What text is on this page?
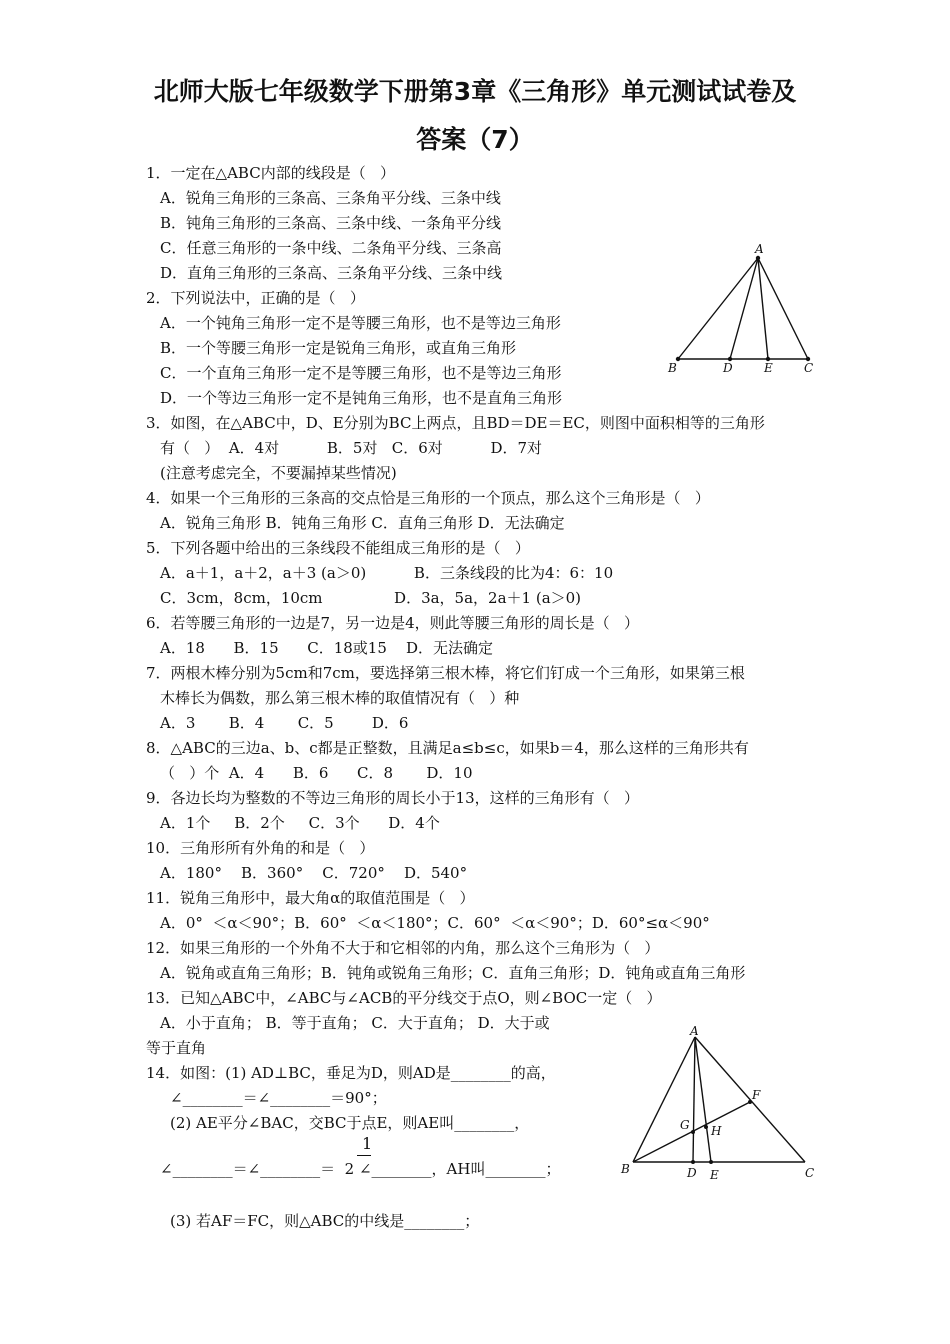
北师大版七年级数学下册第3章《三角形》单元测试试卷及
答案（7）
1．一定在△ABC内部的线段是（   ）
A．锐角三角形的三条高、三条角平分线、三条中线
B．钝角三角形的三条高、三条中线、一条角平分线
C．任意三角形的一条中线、二条角平分线、三条高
D．直角三角形的三条高、三条角平分线、三条中线
2．下列说法中，正确的是（   ）
A．一个钝角三角形一定不是等腰三角形，也不是等边三角形
B．一个等腰三角形一定是锐角三角形，或直角三角形
C．一个直角三角形一定不是等腰三角形，也不是等边三角形
D．一个等边三角形一定不是钝角三角形，也不是直角三角形
3．如图，在△ABC中，D、E分别为BC上两点，且BD＝DE＝EC，则图中面积相等的三角形
有（   ）  A．4对          B．5对   C．6对          D．7对
(注意考虑完全，不要漏掉某些情况)
4．如果一个三角形的三条高的交点恰是三角形的一个顶点，那么这个三角形是（   ）
A．锐角三角形 B．钝角三角形 C．直角三角形 D．无法确定
5．下列各题中给出的三条线段不能组成三角形的是（   ）
A．a＋1，a＋2，a＋3 (a＞0)          B．三条线段的比为4：6：10
C．3cm，8cm，10cm               D．3a，5a，2a＋1 (a＞0)
6．若等腰三角形的一边是7，另一边是4，则此等腰三角形的周长是（   ）
A．18      B．15      C．18或15    D．无法确定
7．两根木棒分别为5cm和7cm，要选择第三根木棒，将它们钉成一个三角形，如果第三根
木棒长为偶数，那么第三根木棒的取值情况有（   ）种
A．3       B．4       C．5        D．6
8．△ABC的三边a、b、c都是正整数，且满足a≤b≤c，如果b＝4，那么这样的三角形共有
（   ）个  A．4      B．6      C．8       D．10
9．各边长均为整数的不等边三角形的周长小于13，这样的三角形有（   ）
A．1个     B．2个     C．3个      D．4个
10．三角形所有外角的和是（   ）
A．180°    B．360°    C．720°    D．540°
11．锐角三角形中，最大角α的取值范围是（   ）
A．0°  ＜α＜90°；B．60°  ＜α＜180°；C．60°  ＜α＜90°；D．60°≤α＜90°
12．如果三角形的一个外角不大于和它相邻的内角，那么这个三角形为（   ）
A．锐角或直角三角形；B．钝角或锐角三角形；C．直角三角形；D．钝角或直角三角形
13．已知△ABC中，∠ABC与∠ACB的平分线交于点O，则∠BOC一定（   ）
A．小于直角； B．等于直角； C．大于直角； D．大于或
等于直角
14．如图：(1) AD⊥BC，垂足为D，则AD是________的高，
∠________＝∠________＝90°；
(2) AE平分∠BAC，交BC于点E，则AE叫________，
1
∠________＝∠________＝  2 ∠________，AH叫________；
(3) 若AF＝FC，则△ABC的中线是________；
A
B	D	E	C
A
B	C
D E
F
G H
